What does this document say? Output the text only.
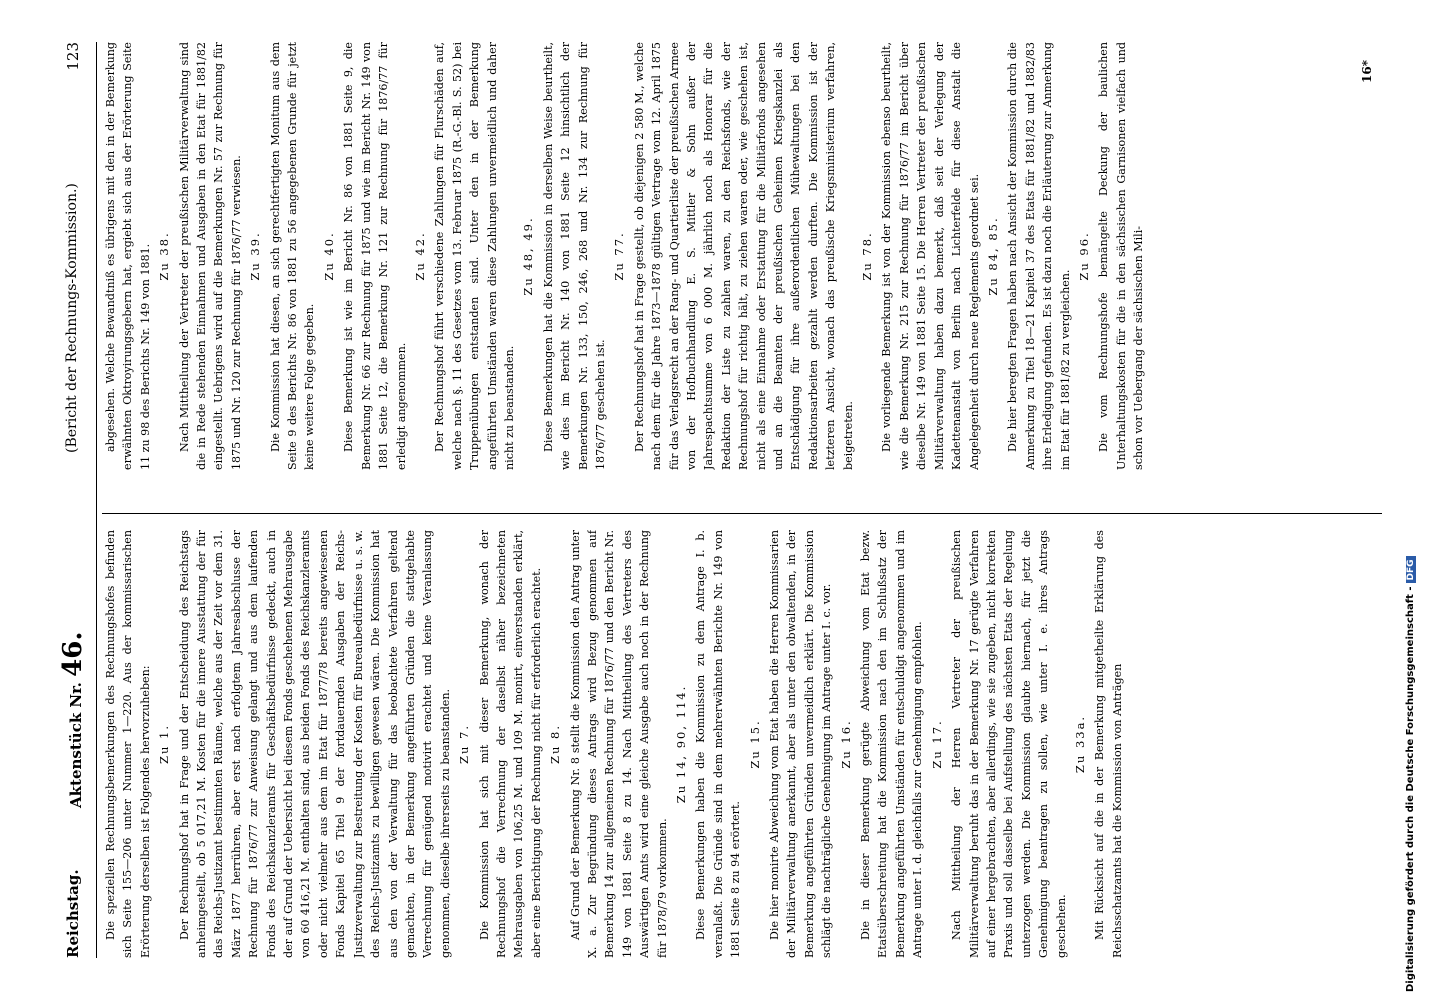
Reichstag.
Aktenstück Nr. 46.
(Bericht der Rechnungs-Kommission.)
123

Die speziellen Rechnungsbemerkungen des Rechnungshofes befinden sich Seite 155—206 unter Nummer 1—220. Aus der kommissarischen Erörterung derselben ist Folgendes hervorzuheben: Zu 1. Der Rechnungshof hat in Frage und der Entscheidung des Reichstags anheimgestellt, ob 5 017,21 M. Kosten für die innere Ausstattung der für das Reichs-Justizamt bestimmten Räume, welche aus der Zeit vor dem 31. März 1877 herrühren, aber erst nach erfolgtem Jahresabschlusse der Rechnung für 1876/77 zur Anweisung gelangt und aus dem laufenden Fonds des Reichskanzleramts für Geschäftsbedürfnisse gedeckt, auch in der auf Grund der Uebersicht bei diesem Fonds geschehenen Mehrausgabe von 60 416,21 M. enthalten sind, aus beiden Fonds des Reichskanzleramts oder nicht vielmehr aus dem im Etat für 1877/78 bereits angewiesenen Fonds Kapitel 65 Titel 9 der fortdauernden Ausgaben der Reichs-Justizverwaltung zur Bestreitung der Kosten für Bureaubedürfnisse u. s. w. des Reichs-Justizamts zu bewilligen gewesen wären. Die Kommission hat aus den von der Verwaltung für das beobachtete Verfahren geltend gemachten, in der Bemerkung angeführten Gründen die stattgehabte Verrechnung für genügend motivirt erachtet und keine Veranlassung genommen, dieselbe ihrerseits zu beanstanden. Zu 7. Die Kommission hat sich mit dieser Bemerkung, wonach der Rechnungshof die Verrechnung der daselbst näher bezeichneten Mehrausgaben von 106,25 M. und 109 M. monirt, einverstanden erklärt, aber eine Berichtigung der Rechnung nicht für erforderlich erachtet. Zu 8. Auf Grund der Bemerkung Nr. 8 stellt die Kommission den Antrag unter X. a. Zur Begründung dieses Antrags wird Bezug genommen auf Bemerkung 14 zur allgemeinen Rechnung für 1876/77 und den Bericht Nr. 149 von 1881 Seite 8 zu 14. Nach Mittheilung des Vertreters des Auswärtigen Amts wird eine gleiche Ausgabe auch noch in der Rechnung für 1878/79 vorkommen.

Zu 14, 90, 114. Diese Bemerkungen haben die Kommission zu dem Antrage I. b. veranlaßt. Die Gründe sind in dem mehrerwähnten Berichte Nr. 149 von 1881 Seite 8 zu 94 erörtert.

Zu 15. Die hier monirte Abweichung vom Etat haben die Herren Kommissarien der Militärverwaltung anerkannt, aber als unter den obwaltenden, in der Bemerkung angeführten Gründen unvermeidlich erklärt. Die Kommission schlägt die nachträgliche Genehmigung im Antrage unter I. c. vor. Zu 16. Die in dieser Bemerkung gerügte Abweichung vom Etat bezw. Etatsüberschreitung hat die Kommission nach den im Schlußsatz der Bemerkung angeführten Umständen für entschuldigt angenommen und im Antrage unter I. d. gleichfalls zur Genehmigung empfohlen. Zu 17. Nach Mittheilung der Herren Vertreter der preußischen Militärverwaltung beruht das in der Bemerkung Nr. 17 gerügte Verfahren auf einer hergebrachten, aber allerdings, wie sie zugeben, nicht korrekten Praxis und soll dasselbe bei Aufstellung des nächsten Etats der Regelung unterzogen werden. Die Kommission glaubte hiernach, für jetzt die Genehmigung beantragen zu sollen, wie unter I. e. ihres Antrags geschehen.

Zu 33a. Mit Rücksicht auf die in der Bemerkung mitgetheilte Erklärung des Reichsschatzamts hat die Kommission von Anträgen

abgesehen. Welche Bewandtniß es übrigens mit den in der Bemerkung erwähnten Oktroyirungsgebern hat, ergiebt sich aus der Erörterung Seite 11 zu 98 des Berichts Nr. 149 von 1881. Zu 38. Nach Mittheilung der Vertreter der preußischen Militärverwaltung sind die in Rede stehenden Einnahmen und Ausgaben in den Etat für 1881/82 eingestellt. Uebrigens wird auf die Bemerkungen Nr. 57 zur Rechnung für 1875 und Nr. 120 zur Rechnung für 1876/77 verwiesen. Zu 39. Die Kommission hat diesen, an sich gerechtfertigten Monitum aus dem Seite 9 des Berichts Nr. 86 von 1881 zu 56 angegebenen Grunde für jetzt keine weitere Folge gegeben.

Zu 40. Diese Bemerkung ist wie im Bericht Nr. 86 von 1881 Seite 9, die Bemerkung Nr. 66 zur Rechnung für 1875 und wie im Bericht Nr. 149 von 1881 Seite 12, die Bemerkung Nr. 121 zur Rechnung für 1876/77 für erledigt angenommen.

Zu 42. Der Rechnungshof führt verschiedene Zahlungen für Flurschäden auf, welche nach §. 11 des Gesetzes vom 13. Februar 1875 (R.-G.-Bl. S. 52) bei Truppenübungen entstanden sind. Unter den in der Bemerkung angeführten Umständen waren diese Zahlungen unvermeidlich und daher nicht zu beanstanden.

Zu 48, 49. Diese Bemerkungen hat die Kommission in derselben Weise beurtheilt, wie dies im Bericht Nr. 140 von 1881 Seite 12 hinsichtlich der Bemerkungen Nr. 133, 150, 246, 268 und Nr. 134 zur Rechnung für 1876/77 geschehen ist.

Zu 77. Der Rechnungshof hat in Frage gestellt, ob diejenigen 2 580 M., welche nach dem für die Jahre 1873—1878 gültigen Vertrage vom 12. April 1875 für das Verlagsrecht an der Rang- und Quartierliste der preußischen Armee von der Hofbuchhandlung E. S. Mittler & Sohn außer der Jahrespachtsumme von 6 000 M. jährlich noch als Honorar für die Redaktion der Liste zu zahlen waren, zu den Reichsfonds, wie der Rechnungshof für richtig hält, zu ziehen waren oder, wie geschehen ist, nicht als eine Einnahme oder Erstattung für die Militärfonds angesehen und an die Beamten der preußischen Geheimen Kriegskanzlei als Entschädigung für ihre außerordentlichen Mühewaltungen bei den Redaktionsarbeiten gezahlt werden durften. Die Kommission ist der letzteren Ansicht, wonach das preußische Kriegsministerium verfahren, beigetreten.

Zu 78. Die vorliegende Bemerkung ist von der Kommission ebenso beurtheilt, wie die Bemerkung Nr. 215 zur Rechnung für 1876/77 im Bericht über dieselbe Nr. 149 von 1881 Seite 15. Die Herren Vertreter der preußischen Militärverwaltung haben dazu bemerkt, daß seit der Verlegung der Kadettenanstalt von Berlin nach Lichterfelde für diese Anstalt die Angelegenheit durch neue Reglements geordnet sei. Zu 84, 85. Die hier beregten Fragen haben nach Ansicht der Kommission durch die Anmerkung zu Titel 18—21 Kapitel 37 des Etats für 1881/82 und 1882/83 ihre Erledigung gefunden. Es ist dazu noch die Erläuterung zur Anmerkung im Etat für 1881/82 zu vergleichen.

Zu 96. Die vom Rechnungshofe bemängelte Deckung der baulichen Unterhaltungskosten für die in den sächsischen Garnisonen vielfach und schon vor Uebergang der sächsischen Mili-

16*
Digitalisierung gefördert durch die Deutsche Forschungsgemeinschaft -DFG
